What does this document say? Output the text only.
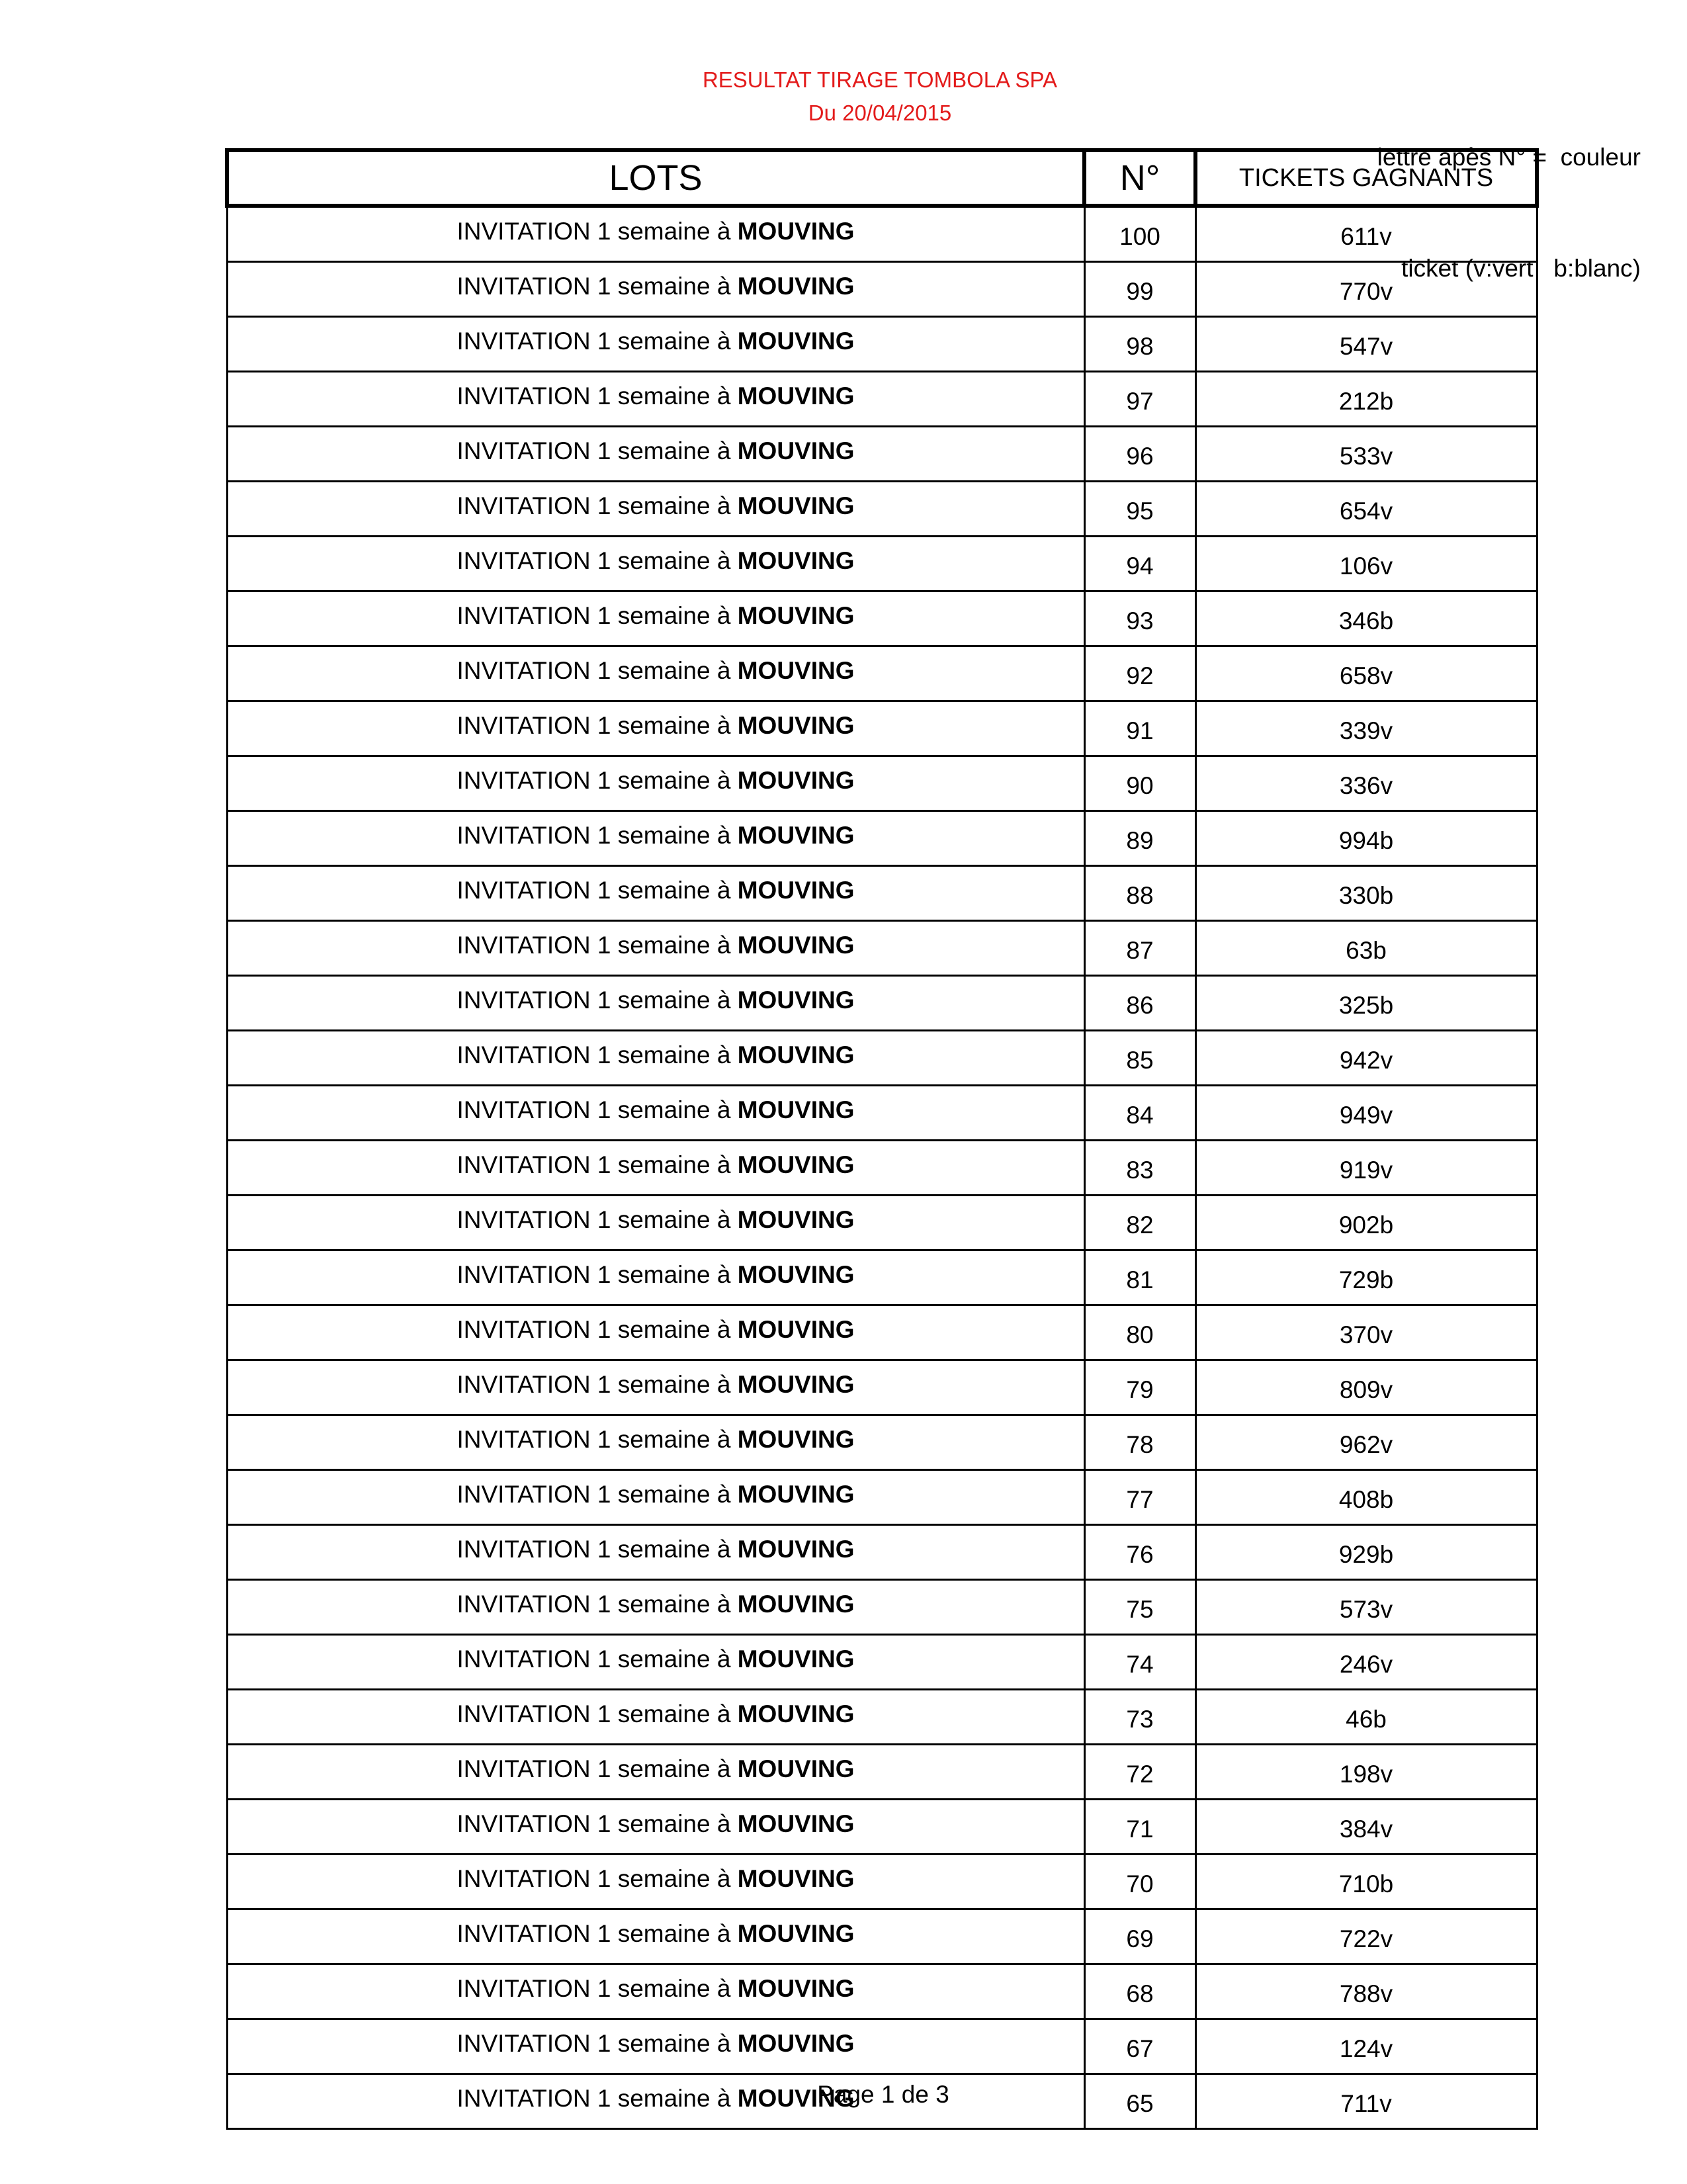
RESULTAT TIRAGE TOMBOLA SPA
Du 20/04/2015

lettre apès N° =  couleur

ticket (v:vert   b:blanc)

LOTS	N°	TICKETS GAGNANTS
INVITATION 1 semaine à MOUVING	100	611v
INVITATION 1 semaine à MOUVING	99	770v
INVITATION 1 semaine à MOUVING	98	547v
INVITATION 1 semaine à MOUVING	97	212b
INVITATION 1 semaine à MOUVING	96	533v
INVITATION 1 semaine à MOUVING	95	654v
INVITATION 1 semaine à MOUVING	94	106v
INVITATION 1 semaine à MOUVING	93	346b
INVITATION 1 semaine à MOUVING	92	658v
INVITATION 1 semaine à MOUVING	91	339v
INVITATION 1 semaine à MOUVING	90	336v
INVITATION 1 semaine à MOUVING	89	994b
INVITATION 1 semaine à MOUVING	88	330b
INVITATION 1 semaine à MOUVING	87	63b
INVITATION 1 semaine à MOUVING	86	325b
INVITATION 1 semaine à MOUVING	85	942v
INVITATION 1 semaine à MOUVING	84	949v
INVITATION 1 semaine à MOUVING	83	919v
INVITATION 1 semaine à MOUVING	82	902b
INVITATION 1 semaine à MOUVING	81	729b
INVITATION 1 semaine à MOUVING	80	370v
INVITATION 1 semaine à MOUVING	79	809v
INVITATION 1 semaine à MOUVING	78	962v
INVITATION 1 semaine à MOUVING	77	408b
INVITATION 1 semaine à MOUVING	76	929b
INVITATION 1 semaine à MOUVING	75	573v
INVITATION 1 semaine à MOUVING	74	246v
INVITATION 1 semaine à MOUVING	73	46b
INVITATION 1 semaine à MOUVING	72	198v
INVITATION 1 semaine à MOUVING	71	384v
INVITATION 1 semaine à MOUVING	70	710b
INVITATION 1 semaine à MOUVING	69	722v
INVITATION 1 semaine à MOUVING	68	788v
INVITATION 1 semaine à MOUVING	67	124v
INVITATION 1 semaine à MOUVING	65	711v
Page 1 de 3
